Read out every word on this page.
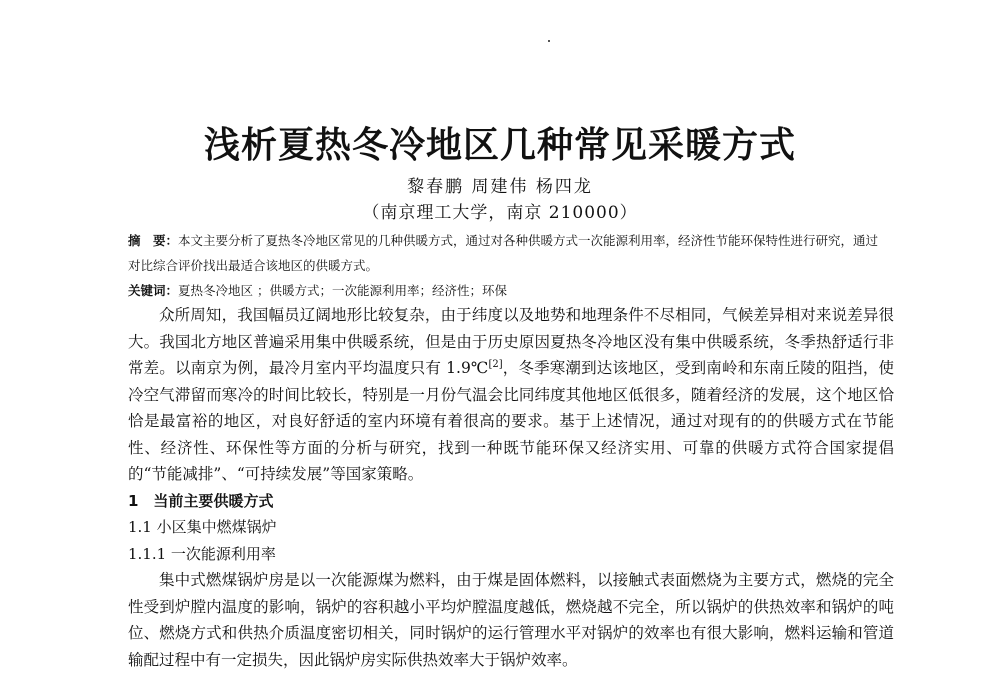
浅析夏热冬冷地区几种常见采暖方式
黎春鹏 周建伟 杨四龙
（南京理工大学，南京 210000）
摘　要：本文主要分析了夏热冬冷地区常见的几种供暖方式，通过对各种供暖方式一次能源利用率，经济性节能环保特性进行研究，通过对比综合评价找出最适合该地区的供暖方式。
关键词：夏热冬冷地区 ；供暖方式；一次能源利用率；经济性；环保

众所周知，我国幅员辽阔地形比较复杂，由于纬度以及地势和地理条件不尽相同，气候差异相对来说差异很大。我国北方地区普遍采用集中供暖系统，但是由于历史原因夏热冬冷地区没有集中供暖系统，冬季热舒适行非常差。以南京为例，最冷月室内平均温度只有 1.9℃[2]，冬季寒潮到达该地区，受到南岭和东南丘陵的阻挡，使冷空气滞留而寒冷的时间比较长，特别是一月份气温会比同纬度其他地区低很多，随着经济的发展，这个地区恰恰是最富裕的地区，对良好舒适的室内环境有着很高的要求。基于上述情况，通过对现有的的供暖方式在节能性、经济性、环保性等方面的分析与研究，找到一种既节能环保又经济实用、可靠的供暖方式符合国家提倡的“节能减排”、“可持续发展”等国家策略。

1　当前主要供暖方式
1.1 小区集中燃煤锅炉
1.1.1 一次能源利用率

集中式燃煤锅炉房是以一次能源煤为燃料，由于煤是固体燃料，以接触式表面燃烧为主要方式，燃烧的完全性受到炉膛内温度的影响，锅炉的容积越小平均炉膛温度越低，燃烧越不完全，所以锅炉的供热效率和锅炉的吨位、燃烧方式和供热介质温度密切相关，同时锅炉的运行管理水平对锅炉的效率也有很大影响，燃料运输和管道输配过程中有一定损失，因此锅炉房实际供热效率大于锅炉效率。
